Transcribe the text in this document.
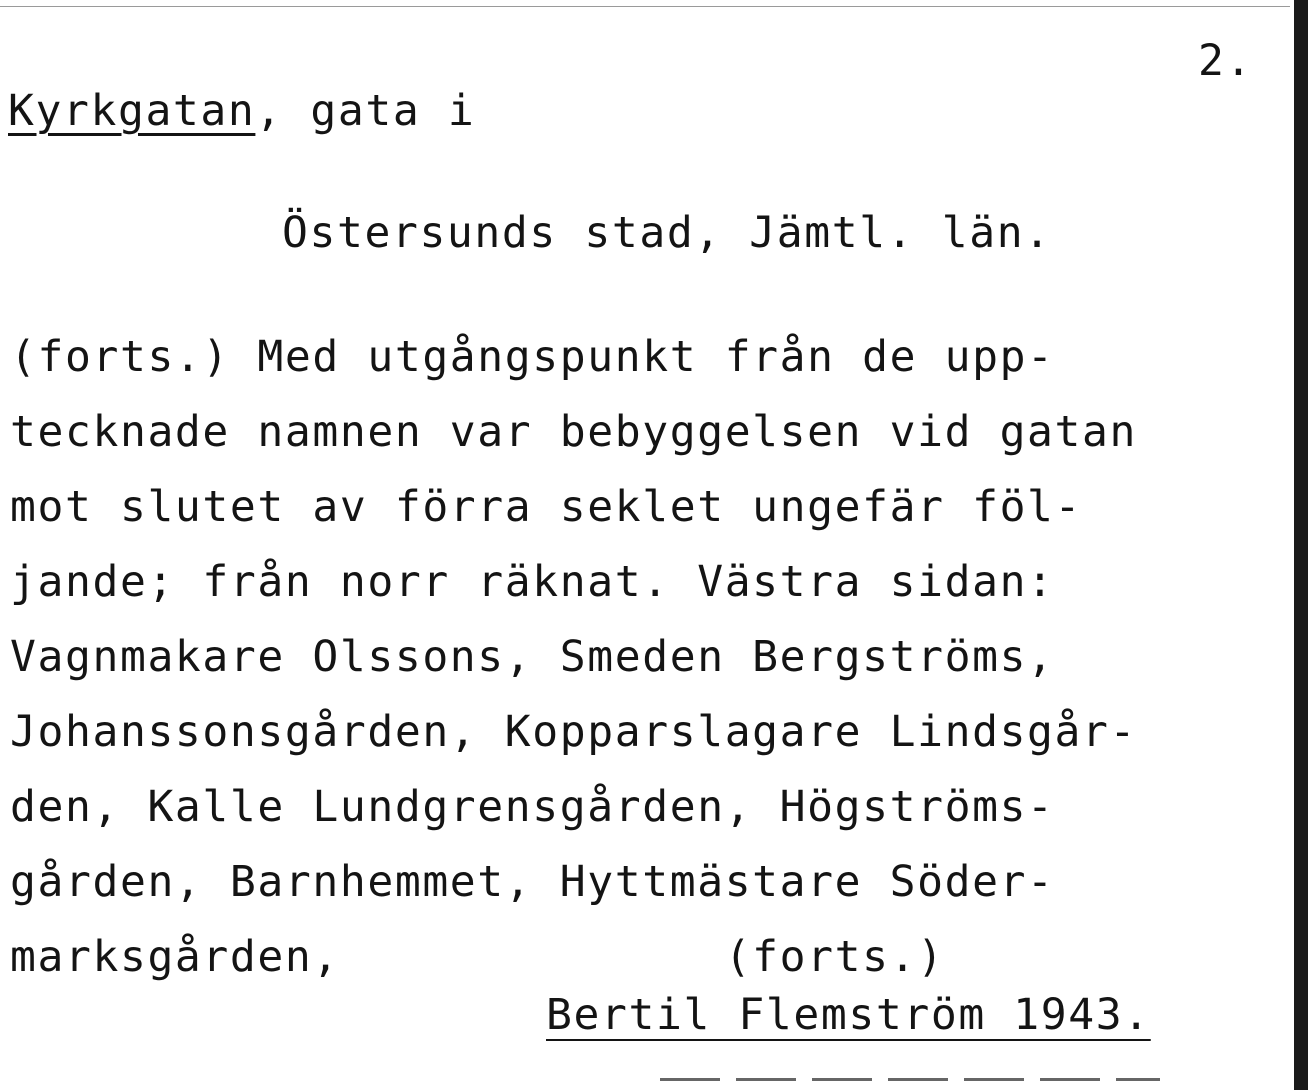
2.
Kyrkgatan, gata i
Östersunds stad, Jämtl. län.
(forts.) Med utgångspunkt från de upp-
tecknade namnen var bebyggelsen vid gatan
mot slutet av förra seklet ungefär föl-
jande; från norr räknat. Västra sidan:
Vagnmakare Olssons, Smeden Bergströms,
Johanssonsgården, Kopparslagare Lindsgår-
den, Kalle Lundgrensgården, Högströms-
gården, Barnhemmet, Hyttmästare Söder-
marksgården,              (forts.)
Bertil Flemström 1943.
